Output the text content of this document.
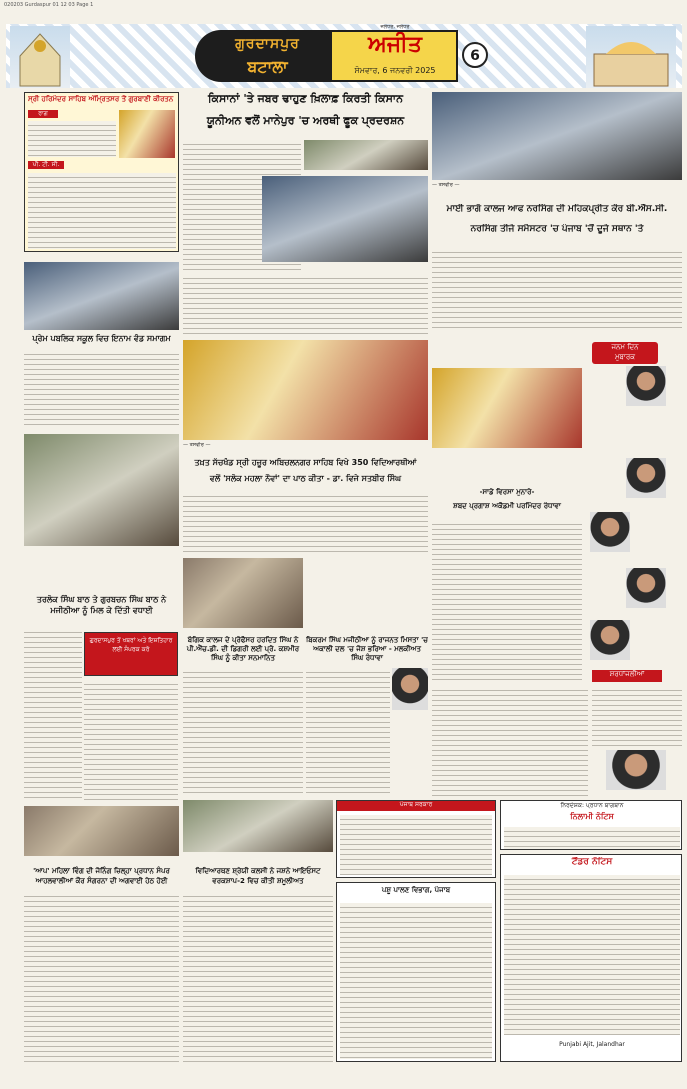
020203 Gurdaspur 01 12 03 Page 1
ਗੁਰਦਾਸਪੁਰ
ਬਟਾਲਾ
ਜਲੰਧਰ, ਜਲੰਧਰ
ਅਜੀਤ
ਸੋਮਵਾਰ, 6 ਜਨਵਰੀ 2025
6
ਸ੍ਰੀ ਹਰਿਮੰਦਰ ਸਾਹਿਬ ਅੰਮ੍ਰਿਤਸਰ ਤੋਂ ਗੁਰਬਾਣੀ ਕੀਰਤਨ
ਰਾਗ
ਪੀ. ਟੀ. ਸੀ.
ਪ੍ਰੇਮ ਪਬਲਿਕ ਸਕੂਲ ਵਿਚ ਇਨਾਮ ਵੰਡ ਸਮਾਗਮ
ਤਰਲੋਕ ਸਿੰਘ ਬਾਠ ਤੇ ਗੁਰਬਚਨ ਸਿੰਘ ਬਾਠ ਨੇ ਮਜੀਠੀਆ ਨੂੰ ਮਿਲ ਕੇ ਦਿੱਤੀ ਵਧਾਈ
ਗੁਰਦਾਸਪੁਰ ਤੋਂ ਖਬਰਾਂ ਅਤੇ ਇਸ਼ਤਿਹਾਰ ਲਈ ਸੰਪਰਕ ਕਰੋ
'ਆਪ' ਮਹਿਲਾ ਵਿੰਗ ਦੀ ਜੋਨਿੰਗ ਜ਼ਿਲ੍ਹਾ ਪ੍ਰਧਾਨ ਸੰਪਰ ਆਹਲਵਾਲੀਆਂ ਕੌਰ ਸੰਗਰਨਾ ਦੀ ਅਗਵਾਈ ਹੇਠ ਹੋਈ
ਕਿਸਾਨਾਂ 'ਤੇ ਜਬਰ ਢਾਹੁਣ ਖ਼ਿਲਾਫ਼ ਕਿਰਤੀ ਕਿਸਾਨ
ਯੂਨੀਅਨ ਵਲੋਂ ਮਾਨੇਪੁਰ 'ਚ ਅਰਥੀ ਫੂਕ ਪ੍ਰਦਰਸ਼ਨ
— ਤਸਵੀਰ —
ਤਖ਼ਤ ਸੱਚਖੰਡ ਸ੍ਰੀ ਹਜ਼ੂਰ ਅਬਿਚਲਨਗਰ ਸਾਹਿਬ ਵਿਖੇ 350 ਵਿਦਿਆਰਥੀਆਂ
ਵਲੋਂ 'ਸਲੋਕ ਮਹਲਾ ਨੌਵਾਂ' ਦਾ ਪਾਠ ਕੀਤਾ - ਡਾ. ਵਿਜੇ ਸਤਬੀਰ ਸਿੰਘ
ਬੰਗਿਕ ਕਾਲਜ ਦੇ ਪ੍ਰੋਫੈਸਰ ਹਰਦਿਤ ਸਿੰਘ ਨੇ ਪੀ.ਐੱਚ.ਡੀ. ਦੀ ਡਿਗਰੀ ਲਈ ਪ੍ਰੋ. ਕਸ਼ਮੀਰ ਸਿੰਘ ਨੂੰ ਕੀਤਾ ਸਨਮਾਨਿਤ
ਬਿਕਰਮ ਸਿੰਘ ਮਜੀਠੀਆ ਨੂੰ ਰਾਜਨਤ ਮਿਸਤਾ 'ਚ ਅਕਾਲੀ ਦਲ 'ਚ ਜੋਸ਼ ਭਰਿਆ - ਮਲਕੀਅਤ ਸਿੰਘ ਰੰਧਾਵਾ
ਵਿਦਿਆਰਥਣ ਸ਼੍ਰੇਯੀ ਕਲਸੀ ਨੇ ਜਸ਼ਨੇ ਆਇਓਸਟ ਵਰਕਸ਼ਾਪ-2 ਵਿਚ ਕੀਤੀ ਸ਼ਮੂਲੀਅਤ
ਪੰਜਾਬ ਸਰਕਾਰ
ਪਸ਼ੂ ਪਾਲਣ ਵਿਭਾਗ, ਪੰਜਾਬ
— ਤਸਵੀਰ —
ਮਾਈ ਭਾਗੋ ਕਾਲਜ ਆਫ ਨਰਸਿੰਗ ਦੀ ਮਹਿਕਪ੍ਰੀਤ ਕੌਰ ਬੀ.ਐੱਸ.ਸੀ.
ਨਰਸਿੰਗ ਤੀਜੇ ਸਮੈਸਟਰ 'ਚ ਪੰਜਾਬ 'ਚੋਂ ਦੂਜੇ ਸਥਾਨ 'ਤੇ
ਜਨਮ ਦਿਨ
ਮੁਬਾਰਕ
-ਸਾਡੇ ਵਿਰਸਾ ਮੁਨਾਰੇ-
ਸ਼ਬਦ ਪ੍ਰਗਾਸ਼ ਅਕੈਡਮੀ ਪਰਮਿੰਦਰ ਰੰਧਾਵਾ
ਸ਼ਰਧਾਂਜਲੀਆਂ
ਨਿਰਦੇਸ਼ਕ: ਪ੍ਰਧਾਨ ਬਾਗਬਾਨ
ਨਿਲਾਮੀ ਨੋਟਿਸ
ਟੈਂਡਰ ਨੋਟਿਸ
Punjabi Ajit, Jalandhar
